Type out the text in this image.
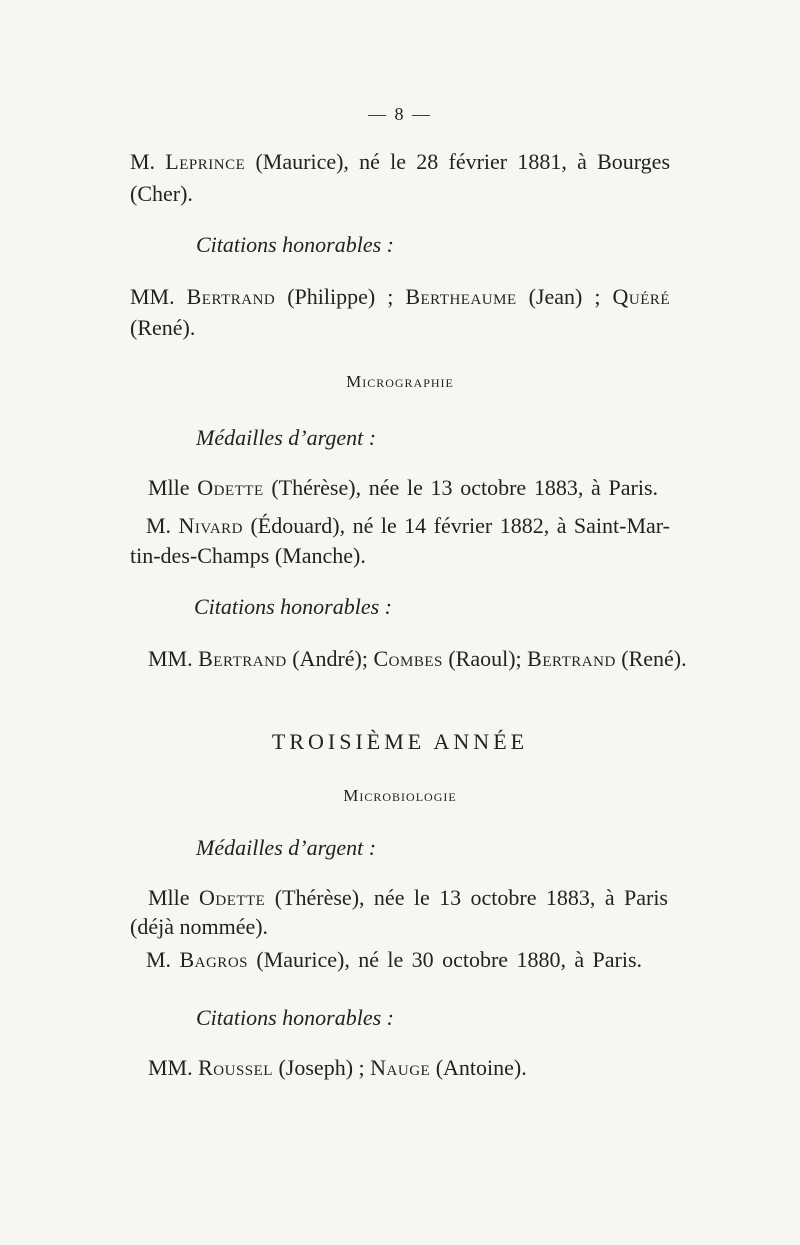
— 8 —
M. Leprince (Maurice), né le 28 février 1881, à Bourges
(Cher).
Citations honorables :
MM. Bertrand (Philippe) ; Bertheaume (Jean) ; Quéré
(René).
Micrographie
Médailles d’argent :
Mlle Odette (Thérèse), née le 13 octobre 1883, à Paris.
M. Nivard (Édouard), né le 14 février 1882, à Saint-Mar-
tin-des-Champs (Manche).
Citations honorables :
MM. Bertrand (André); Combes (Raoul); Bertrand (René).
TROISIÈME ANNÉE
Microbiologie
Médailles d’argent :
Mlle Odette (Thérèse), née le 13 octobre 1883, à Paris
(déjà nommée).
M. Bagros (Maurice), né le 30 octobre 1880, à Paris.
Citations honorables :
MM. Roussel (Joseph) ; Nauge (Antoine).
